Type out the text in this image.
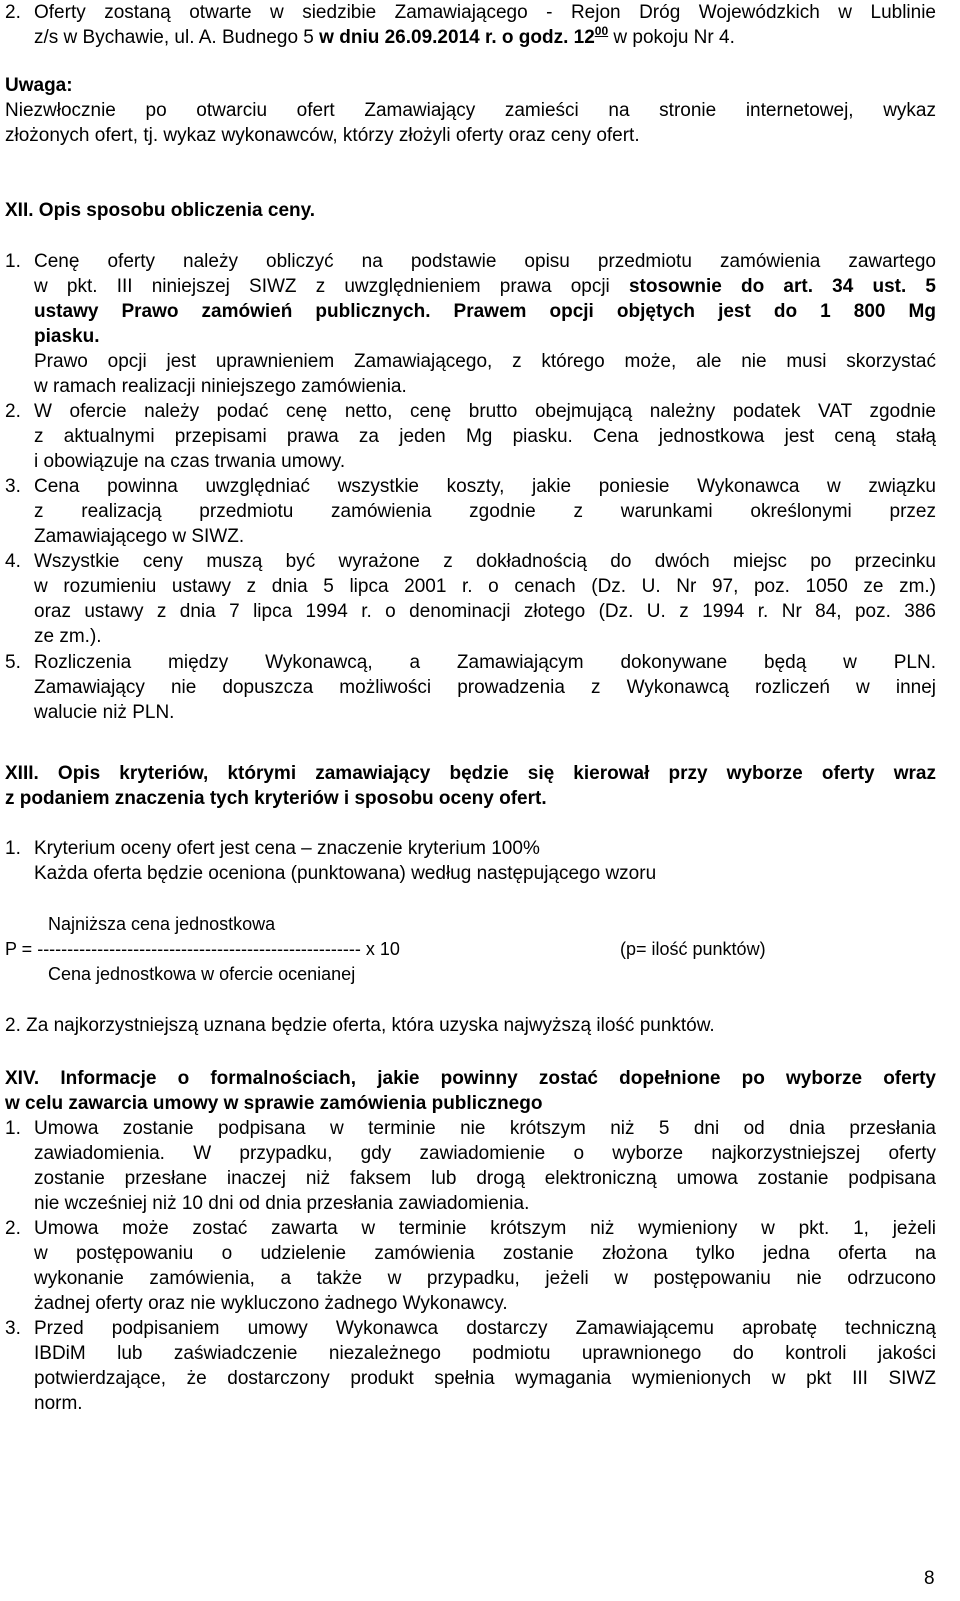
2. Oferty zostaną otwarte w siedzibie Zamawiającego - Rejon Dróg Wojewódzkich w Lublinie
z/s w Bychawie, ul. A. Budnego 5 w dniu 26.09.2014 r. o godz. $12^{00}$ w pokoju Nr 4.
Uwaga:
Niezwłocznie po otwarciu ofert Zamawiający zamieści na stronie internetowej, wykaz
złożonych ofert, tj. wykaz wykonawców, którzy złożyli oferty oraz ceny ofert.
XII. Opis sposobu obliczenia ceny.
1. Cenę oferty należy obliczyć na podstawie opisu przedmiotu zamówienia zawartego
w pkt. III niniejszej SIWZ z uwzględnieniem prawa opcji stosownie do art. 34 ust. 5
ustawy Prawo zamówień publicznych. Prawem opcji objętych jest do 1 800 Mg
piasku.
Prawo opcji jest uprawnieniem Zamawiającego, z którego może, ale nie musi skorzystać
w ramach realizacji niniejszego zamówienia.
2. W ofercie należy podać cenę netto, cenę brutto obejmującą należny podatek VAT zgodnie
z aktualnymi przepisami prawa za jeden Mg piasku. Cena jednostkowa jest ceną stałą
i obowiązuje na czas trwania umowy.
3. Cena powinna uwzględniać wszystkie koszty, jakie poniesie Wykonawca w związku
z realizacją przedmiotu zamówienia zgodnie z warunkami określonymi przez
Zamawiającego w SIWZ.
4. Wszystkie ceny muszą być wyrażone z dokładnością do dwóch miejsc po przecinku
w rozumieniu ustawy z dnia 5 lipca 2001 r. o cenach (Dz. U. Nr 97, poz. 1050 ze zm.)
oraz ustawy z dnia 7 lipca 1994 r. o denominacji złotego (Dz. U. z 1994 r. Nr 84, poz. 386
ze zm.).
5. Rozliczenia między Wykonawcą, a Zamawiającym dokonywane będą w PLN.
Zamawiający nie dopuszcza możliwości prowadzenia z Wykonawcą rozliczeń w innej
walucie niż PLN.
XIII. Opis kryteriów, którymi zamawiający będzie się kierował przy wyborze oferty wraz
z podaniem znaczenia tych kryteriów i sposobu oceny ofert.
1. Kryterium oceny ofert jest cena – znaczenie kryterium 100%
Każda oferta będzie oceniona (punktowana) według następującego wzoru
Najniższa cena jednostkowa
P = ------------------------------------------------------ x 10	(p= ilość punktów)
Cena jednostkowa w ofercie ocenianej
2. Za najkorzystniejszą uznana będzie oferta, która uzyska najwyższą ilość punktów.
XIV. Informacje o formalnościach, jakie powinny zostać dopełnione po wyborze oferty
w celu zawarcia umowy w sprawie zamówienia publicznego
1. Umowa zostanie podpisana w terminie nie krótszym niż 5 dni od dnia przesłania
zawiadomienia. W przypadku, gdy zawiadomienie o wyborze najkorzystniejszej oferty
zostanie przesłane inaczej niż faksem lub drogą elektroniczną umowa zostanie podpisana
nie wcześniej niż 10 dni od dnia przesłania zawiadomienia.
2. Umowa może zostać zawarta w terminie krótszym niż wymieniony w pkt. 1, jeżeli
w postępowaniu o udzielenie zamówienia zostanie złożona tylko jedna oferta na
wykonanie zamówienia, a także w przypadku, jeżeli w postępowaniu nie odrzucono
żadnej oferty oraz nie wykluczono żadnego Wykonawcy.
3. Przed podpisaniem umowy Wykonawca dostarczy Zamawiającemu aprobatę techniczną
IBDiM lub zaświadczenie niezależnego podmiotu uprawnionego do kontroli jakości
potwierdzające, że dostarczony produkt spełnia wymagania wymienionych w pkt III SIWZ
norm.
8
